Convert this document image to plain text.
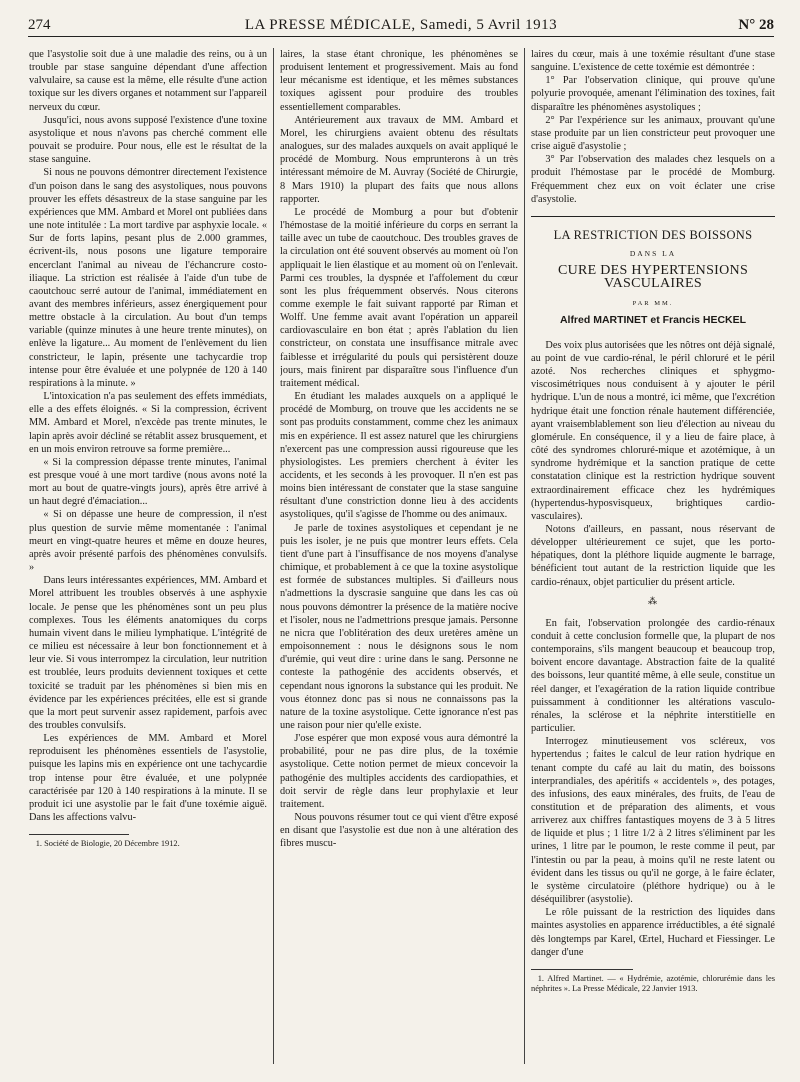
274	LA PRESSE MÉDICALE, Samedi, 5 Avril 1913	N° 28

que l'asystolie soit due à une maladie des reins, ou à un trouble par stase sanguine dépendant d'une affection valvulaire, sa cause est la même, elle résulte d'une action toxique sur les divers organes et notamment sur l'appareil nerveux du cœur.

Jusqu'ici, nous avons supposé l'existence d'une toxine asystolique et nous n'avons pas cherché comment elle pouvait se produire. Pour nous, elle est le résultat de la stase sanguine.

Si nous ne pouvons démontrer directement l'existence d'un poison dans le sang des asystoliques, nous pouvons prouver les effets désastreux de la stase sanguine par les expériences que MM. Ambard et Morel ont publiées dans une note intitulée : La mort tardive par asphyxie locale. « Sur de forts lapins, pesant plus de 2.000 grammes, écrivent-ils, nous posons une ligature temporaire encerclant l'animal au niveau de l'échancrure costo-iliaque. La striction est réalisée à l'aide d'un tube de caoutchouc serré autour de l'animal, immédiatement en avant des membres inférieurs, assez énergiquement pour mettre obstacle à la circulation. Au bout d'un temps variable (quinze minutes à une heure trente minutes), on enlève la ligature... Au moment de l'enlèvement du lien constricteur, le lapin, présente une tachycardie trop intense pour être évaluée et une polypnée de 120 à 140 respirations à la minute. »

L'intoxication n'a pas seulement des effets immédiats, elle a des effets éloignés. « Si la compression, écrivent MM. Ambard et Morel, n'excède pas trente minutes, le lapin après avoir décliné se rétablit assez brusquement, et en un mois environ retrouve sa forme première...

« Si la compression dépasse trente minutes, l'animal est presque voué à une mort tardive (nous avons noté la mort au bout de quatre-vingts jours), après être arrivé à un haut degré d'émaciation...

« Si on dépasse une heure de compression, il n'est plus question de survie même momentanée : l'animal meurt en vingt-quatre heures et même en douze heures, après avoir présenté parfois des phénomènes convulsifs. »

Dans leurs intéressantes expériences, MM. Ambard et Morel attribuent les troubles observés à une asphyxie locale. Je pense que les phénomènes sont un peu plus complexes. Tous les éléments anatomiques du corps humain vivent dans le milieu lymphatique. L'intégrité de ce milieu est nécessaire à leur bon fonctionnement et à leur vie. Si vous interrompez la circulation, leur nutrition est troublée, leurs produits deviennent toxiques et cette toxicité se traduit par les phénomènes si bien mis en évidence par les expériences précitées, elle est si grande que la mort peut survenir assez rapidement, parfois avec des troubles convulsifs.

Les expériences de MM. Ambard et Morel reproduisent les phénomènes essentiels de l'asystolie, puisque les lapins mis en expérience ont une tachycardie trop intense pour être évaluée, et une polypnée caractérisée par 120 à 140 respirations à la minute. Il se produit ici une asystolie par le fait d'une toxémie aiguë. Dans les affections valvu-

1. Société de Biologie, 20 Décembre 1912.

laires, la stase étant chronique, les phénomènes se produisent lentement et progressivement. Mais au fond leur mécanisme est identique, et les mêmes substances toxiques agissent pour produire des troubles essentiellement comparables.

Antérieurement aux travaux de MM. Ambard et Morel, les chirurgiens avaient obtenu des résultats analogues, sur des malades auxquels on avait appliqué le procédé de Momburg. Nous emprunterons à un très intéressant mémoire de M. Auvray (Société de Chirurgie, 8 Mars 1910) la plupart des faits que nous allons rapporter.

Le procédé de Momburg a pour but d'obtenir l'hémostase de la moitié inférieure du corps en serrant la taille avec un tube de caoutchouc. Des troubles graves de la circulation ont été souvent observés au moment où l'on appliquait le lien élastique et au moment où on l'enlevait. Parmi ces troubles, la dyspnée et l'affolement du cœur sont les plus fréquemment observés. Nous citerons comme exemple le fait suivant rapporté par Riman et Wolff. Une femme avait avant l'opération un appareil cardiovasculaire en bon état ; après l'ablation du lien constricteur, on constata une insuffisance mitrale avec faiblesse et irrégularité du pouls qui persistèrent douze jours, mais finirent par disparaître sous l'influence d'un traitement médical.

En étudiant les malades auxquels on a appliqué le procédé de Momburg, on trouve que les accidents ne se sont pas produits constamment, comme chez les animaux mis en expérience. Il est assez naturel que les chirurgiens n'exercent pas une compression aussi rigoureuse que les physiologistes. Les premiers cherchent à éviter les accidents, et les seconds à les provoquer. Il n'en est pas moins bien intéressant de constater que la stase sanguine résultant d'une constriction donne lieu à des accidents asystoliques, qu'il s'agisse de l'homme ou des animaux.

Je parle de toxines asystoliques et cependant je ne puis les isoler, je ne puis que montrer leurs effets. Cela tient d'une part à l'insuffisance de nos moyens d'analyse chimique, et probablement à ce que la toxine asystolique est formée de substances multiples. Si d'ailleurs nous n'admettions la dyscrasie sanguine que dans les cas où nous pouvons démontrer la présence de la matière nocive et l'isoler, nous ne l'admettrions presque jamais. Personne ne nicra que l'oblitération des deux uretères amène un empoisonnement : nous le désignons sous le nom d'urémie, qui veut dire : urine dans le sang. Personne ne conteste la pathogénie des accidents observés, et cependant nous ignorons la substance qui les produit. Ne vous étonnez donc pas si nous ne connaissons pas la nature de la toxine asystolique. Cette ignorance n'est pas une raison pour nier qu'elle existe.

J'ose espérer que mon exposé vous aura démontré la probabilité, pour ne pas dire plus, de la toxémie asystolique. Cette notion permet de mieux concevoir la pathogénie des multiples accidents des cardiopathies, et doit servir de règle dans leur prophylaxie et leur traitement.

Nous pouvons résumer tout ce qui vient d'être exposé en disant que l'asystolie est due non à une altération des fibres muscu-

laires du cœur, mais à une toxémie résultant d'une stase sanguine. L'existence de cette toxémie est démontrée :

1° Par l'observation clinique, qui prouve qu'une polyurie provoquée, amenant l'élimination des toxines, fait disparaître les phénomènes asystoliques ;

2° Par l'expérience sur les animaux, prouvant qu'une stase produite par un lien constricteur peut provoquer une crise aiguë d'asystolie ;

3° Par l'observation des malades chez lesquels on a produit l'hémostase par le procédé de Momburg. Fréquemment chez eux on voit éclater une crise d'asystolie.

LA RESTRICTION DES BOISSONS

DANS LA

CURE DES HYPERTENSIONS VASCULAIRES

PAR MM.

Alfred MARTINET et Francis HECKEL

Des voix plus autorisées que les nôtres ont déjà signalé, au point de vue cardio-rénal, le péril chloruré et le péril azoté. Nos recherches cliniques et sphygmo-viscosimétriques nous conduisent à y ajouter le péril hydrique. L'un de nous a montré, ici même, que l'excrétion hydrique était une fonction rénale hautement différenciée, ayant vraisemblablement son lieu d'élection au niveau du glomérule. En conséquence, il y a lieu de faire place, à côté des syndromes chloruré-mique et azotémique, à un syndrome hydrémique et la sanction pratique de cette constatation clinique est la restriction hydrique souvent extraordinairement efficace chez les hydrémiques (hypertendus-hyposvisqueux, brightiques cardio-vasculaires).

Notons d'ailleurs, en passant, nous réservant de développer ultérieurement ce sujet, que les porto-hépatiques, dont la pléthore liquide augmente le barrage, bénéficient tout autant de la restriction liquide que les cardio-rénaux, objet particulier du présent article.

⁂

En fait, l'observation prolongée des cardio-rénaux conduit à cette conclusion formelle que, la plupart de nos contemporains, s'ils mangent beaucoup et beaucoup trop, boivent encore davantage. Abstraction faite de la qualité des boissons, leur quantité même, à elle seule, constitue un réel danger, et l'exagération de la ration liquide contribue puissamment à conditionner les altérations vasculo-rénales, la sclérose et la néphrite interstitielle en particulier.

Interrogez minutieusement vos scléreux, vos hypertendus ; faites le calcul de leur ration hydrique en tenant compte du café au lait du matin, des boissons interprandiales, des apéritifs « accidentels », des potages, des infusions, des eaux minérales, des fruits, de l'eau de constitution et de préparation des aliments, et vous arriverez aux chiffres fantastiques moyens de 3 à 5 litres de liquide et plus ; 1 litre 1/2 à 2 litres s'éliminent par les urines, 1 litre par le poumon, le reste comme il peut, par l'intestin ou par la peau, à moins qu'il ne reste latent ou évident dans les tissus ou qu'il ne gorge, à le faire éclater, le système circulatoire (pléthore hydrique) ou à le déséquilibrer (asystolie).

Le rôle puissant de la restriction des liquides dans maintes asystolies en apparence irréductibles, a été signalé dès longtemps par Karel, Œrtel, Huchard et Fiessinger. Le danger d'une

1. Alfred Martinet. — « Hydrémie, azotémie, chlorurémie dans les néphrites ». La Presse Médicale, 22 Janvier 1913.
